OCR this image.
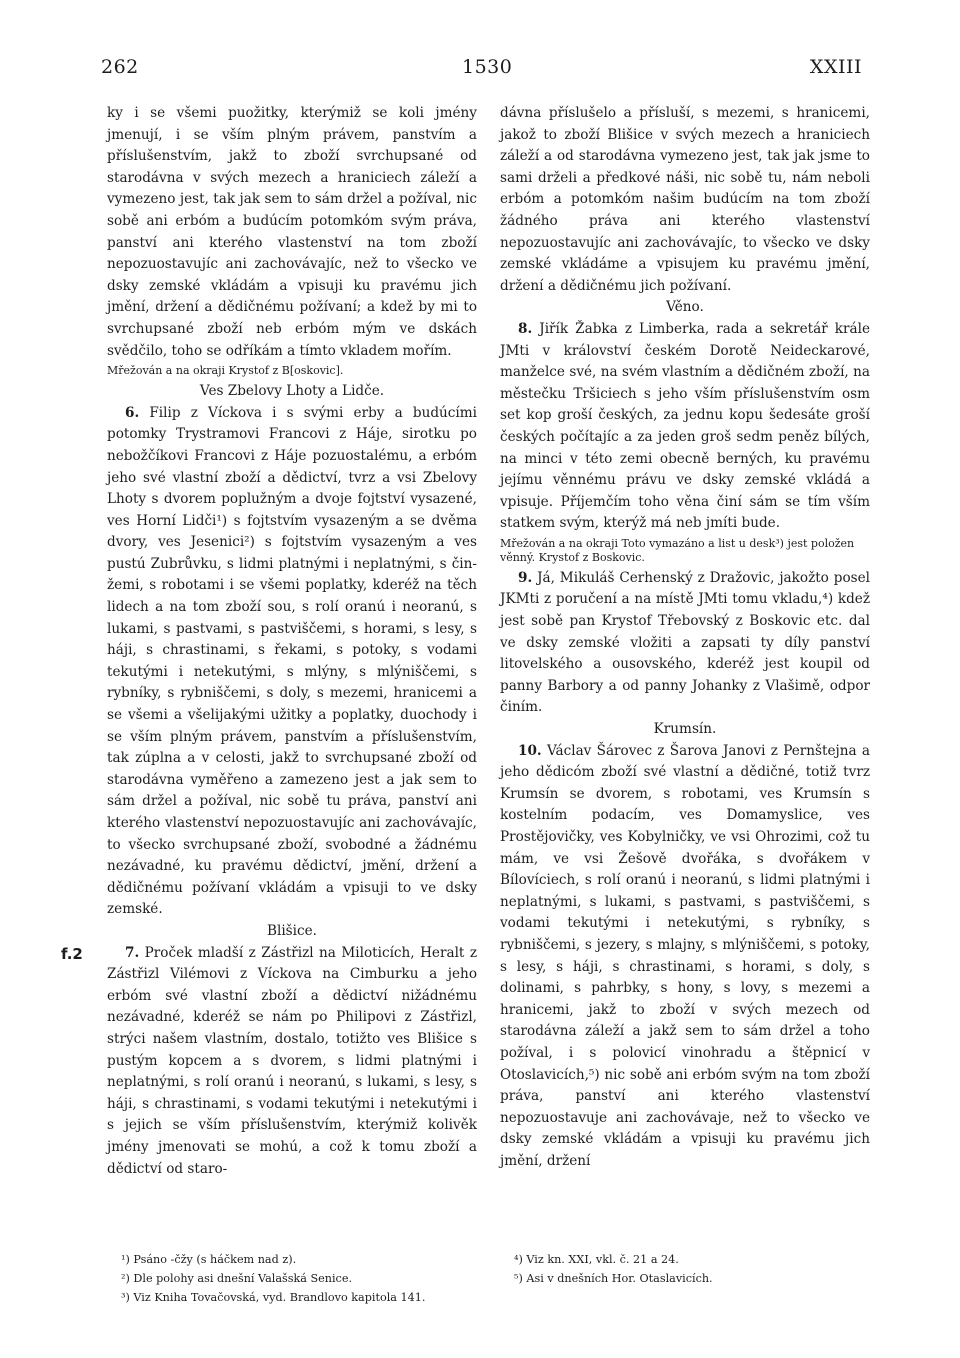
262	1530	XXIII

ky i se všemi puožitky, kterýmiž se koli jmény jmenují, i se vším plným právem, panstvím a příslušenstvím, jakž to zboží svrchupsané od starodávna v svých mezech a hraniciech záleží a vymezeno jest, tak jak sem to sám držel a požíval, nic sobě ani erbóm a budúcím potomkóm svým práva, panství ani kterého vlastenství na tom zboží nepozuostavujíc ani zachovávajíc, než to všecko ve dsky zemské vkládám a vpisuji ku pravému jich jmění, držení a dědičnému požívaní; a kdež by mi to svrchupsané zboží neb erbóm mým ve dskách svědčilo, toho se odříkám a tímto vkladem mořím.

Mřežován a na okraji Krystof z B[oskovic].

Ves Zbelovy Lhoty a Lidče.

6. Filip z Víckova i s svými erby a budúcími potomky Trystramovi Francovi z Háje, sirotku po nebožčíkovi Francovi z Háje pozuostalému, a erbóm jeho své vlastní zboží a dědictví, tvrz a vsi Zbelovy Lhoty s dvorem poplužným a dvoje fojtství vysazené, ves Horní Lidči¹) s fojtstvím vysazeným a se dvěma dvory, ves Jesenici²) s fojtstvím vysazeným a ves pustú Zubrůvku, s lidmi platnými i neplatnými, s činžemi, s robotami i se všemi poplatky, kderéž na těch lidech a na tom zboží sou, s rolí oranú i neoranú, s lukami, s pastvami, s pastviščemi, s horami, s lesy, s háji, s chrastinami, s řekami, s potoky, s vodami tekutými i netekutými, s mlýny, s mlýniščemi, s rybníky, s rybniščemi, s doly, s mezemi, hranicemi a se všemi a všelijakými užitky a poplatky, duochody i se vším plným právem, panstvím a příslušenstvím, tak zúplna a v celosti, jakž to svrchupsané zboží od starodávna vyměřeno a zamezeno jest a jak sem to sám držel a požíval, nic sobě tu práva, panství ani kterého vlastenství nepozuostavujíc ani zachovávajíc, to všecko svrchupsané zboží, svobodné a žádnému nezávadné, ku pravému dědictví, jmění, držení a dědičnému požívaní vkládám a vpisuji to ve dsky zemské.

Blišice.

7. Proček mladší z Zástřizl na Miloticích, Heralt z Zástřizl Vilémovi z Víckova na Cimburku a jeho erbóm své vlastní zboží a dědictví nižádnému nezávadné, kderéž se nám po Philipovi z Zástřizl, strýci našem vlastním, dostalo, totižto ves Blišice s pustým kopcem a s dvorem, s lidmi platnými i neplatnými, s rolí oranú i neoranú, s lukami, s lesy, s háji, s chrastinami, s vodami tekutými i netekutými i s jejich se vším příslušenstvím, kterýmiž kolivěk jmény jmenovati se mohú, a což k tomu zboží a dědictví od staro-

dávna příslušelo a přísluší, s mezemi, s hranicemi, jakož to zboží Blišice v svých mezech a hraniciech záleží a od starodávna vymezeno jest, tak jak jsme to sami drželi a předkové náši, nic sobě tu, nám neboli erbóm a potomkóm našim budúcím na tom zboží žádného práva ani kterého vlastenství nepozuostavujíc ani zachovávajíc, to všecko ve dsky zemské vkládáme a vpisujem ku pravému jmění, držení a dědičnému jich požívaní.

Věno.

8. Jiřík Žabka z Limberka, rada a sekretář krále JMti v království českém Dorotě Neideckarové, manželce své, na svém vlastním a dědičném zboží, na městečku Tršiciech s jeho vším příslušenstvím osm set kop groší českých, za jednu kopu šedesáte groší českých počítajíc a za jeden groš sedm peněz bílých, na minci v této zemi obecně berných, ku pravému jejímu věnnému právu ve dsky zemské vkládá a vpisuje. Příjemčím toho věna činí sám se tím vším statkem svým, kterýž má neb jmíti bude.

Mřežován a na okraji Toto vymazáno a list u desk³) jest položen věnný. Krystof z Boskovic.

9. Já, Mikuláš Cerhenský z Dražovic, jakožto posel JKMti z poručení a na místě JMti tomu vkladu,⁴) kdež jest sobě pan Krystof Třebovský z Boskovic etc. dal ve dsky zemské vložiti a zapsati ty díly panství litovelského a ousovského, kderéž jest koupil od panny Barbory a od panny Johanky z Vlašimě, odpor činím.

Krumsín.

10. Václav Šárovec z Šarova Janovi z Pernštejna a jeho dědicóm zboží své vlastní a dědičné, totiž tvrz Krumsín se dvorem, s robotami, ves Krumsín s kostelním podacím, ves Domamyslice, ves Prostějovičky, ves Kobylničky, ve vsi Ohrozimi, což tu mám, ve vsi Žešově dvořáka, s dvořákem v Bílovíciech, s rolí oranú i neoranú, s lidmi platnými i neplatnými, s lukami, s pastvami, s pastviščemi, s vodami tekutými i netekutými, s rybníky, s rybniščemi, s jezery, s mlajny, s mlýniščemi, s potoky, s lesy, s háji, s chrastinami, s horami, s doly, s dolinami, s pahrbky, s hony, s lovy, s mezemi a hranicemi, jakž to zboží v svých mezech od starodávna záleží a jakž sem to sám držel a toho požíval, i s polovicí vinohradu a štěpnicí v Otoslavicích,⁵) nic sobě ani erbóm svým na tom zboží práva, panství ani kterého vlastenství nepozuostavuje ani zachovávaje, než to všecko ve dsky zemské vkládám a vpisuji ku pravému jich jmění, držení

f.2
¹) Psáno -čžy (s háčkem nad z).
²) Dle polohy asi dnešní Valašská Senice.
³) Viz Kniha Tovačovská, vyd. Brandlovo kapitola 141.
⁴) Viz kn. XXI, vkl. č. 21 a 24.
⁵) Asi v dnešních Hor. Otaslavicích.
